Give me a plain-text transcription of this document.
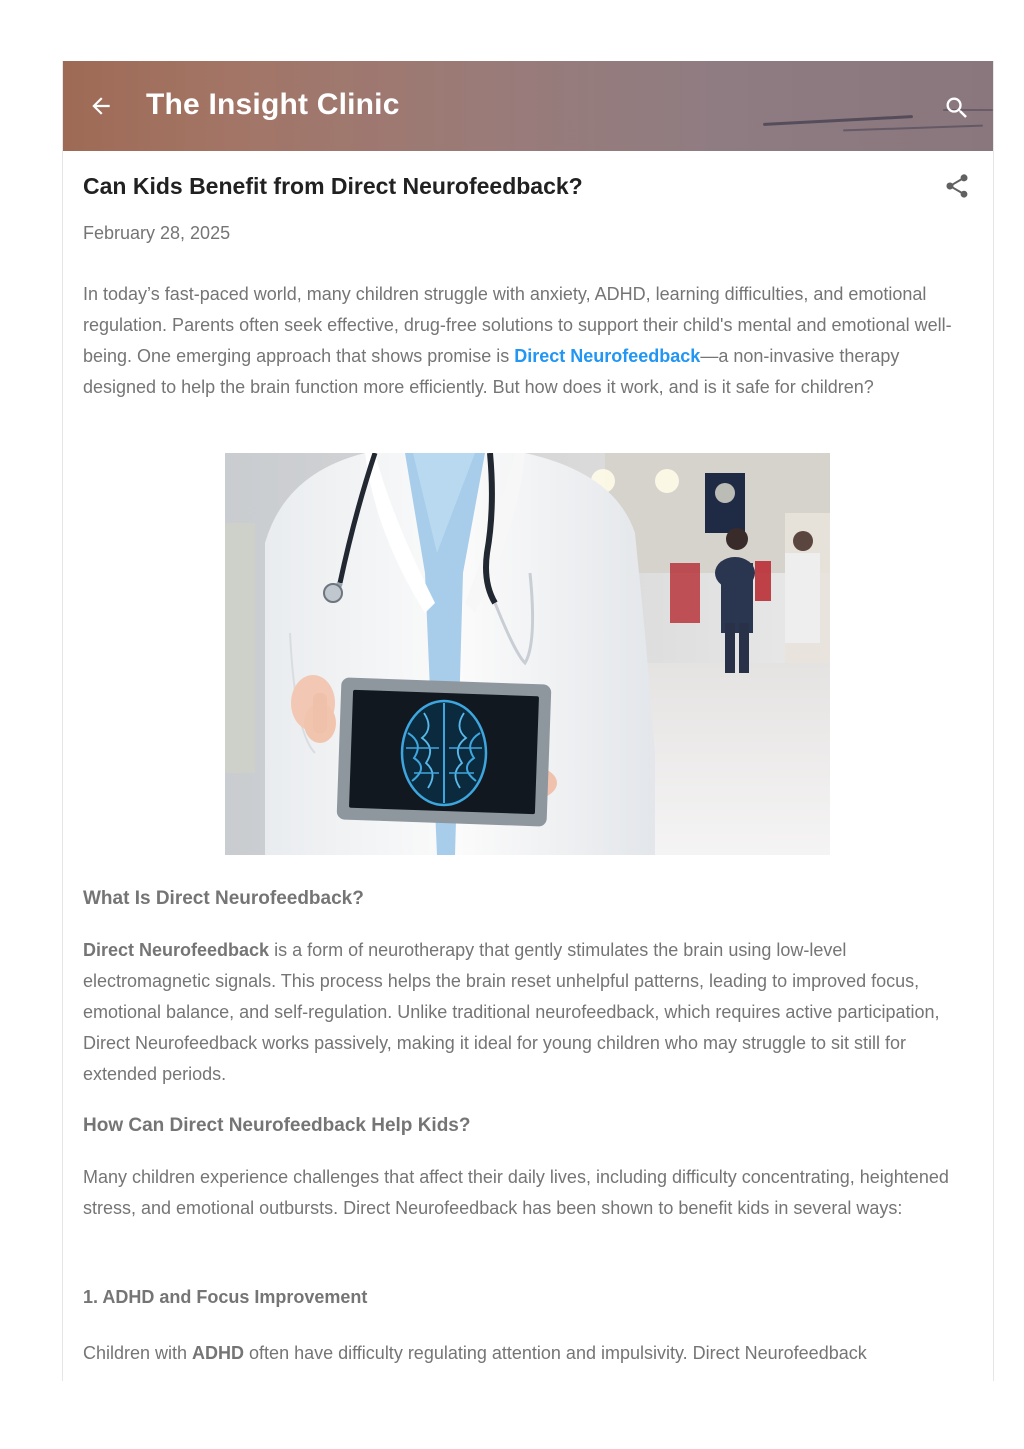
The Insight Clinic
Can Kids Benefit from Direct Neurofeedback?
February 28, 2025
In today’s fast-paced world, many children struggle with anxiety, ADHD, learning difficulties, and emotional regulation. Parents often seek effective, drug-free solutions to support their child's mental and emotional well-being. One emerging approach that shows promise is Direct Neurofeedback—a non-invasive therapy designed to help the brain function more efficiently. But how does it work, and is it safe for children?
What Is Direct Neurofeedback?
Direct Neurofeedback is a form of neurotherapy that gently stimulates the brain using low-level electromagnetic signals. This process helps the brain reset unhelpful patterns, leading to improved focus, emotional balance, and self-regulation. Unlike traditional neurofeedback, which requires active participation, Direct Neurofeedback works passively, making it ideal for young children who may struggle to sit still for extended periods.
How Can Direct Neurofeedback Help Kids?
Many children experience challenges that affect their daily lives, including difficulty concentrating, heightened stress, and emotional outbursts. Direct Neurofeedback has been shown to benefit kids in several ways:
1. ADHD and Focus Improvement
Children with ADHD often have difficulty regulating attention and impulsivity. Direct Neurofeedback
